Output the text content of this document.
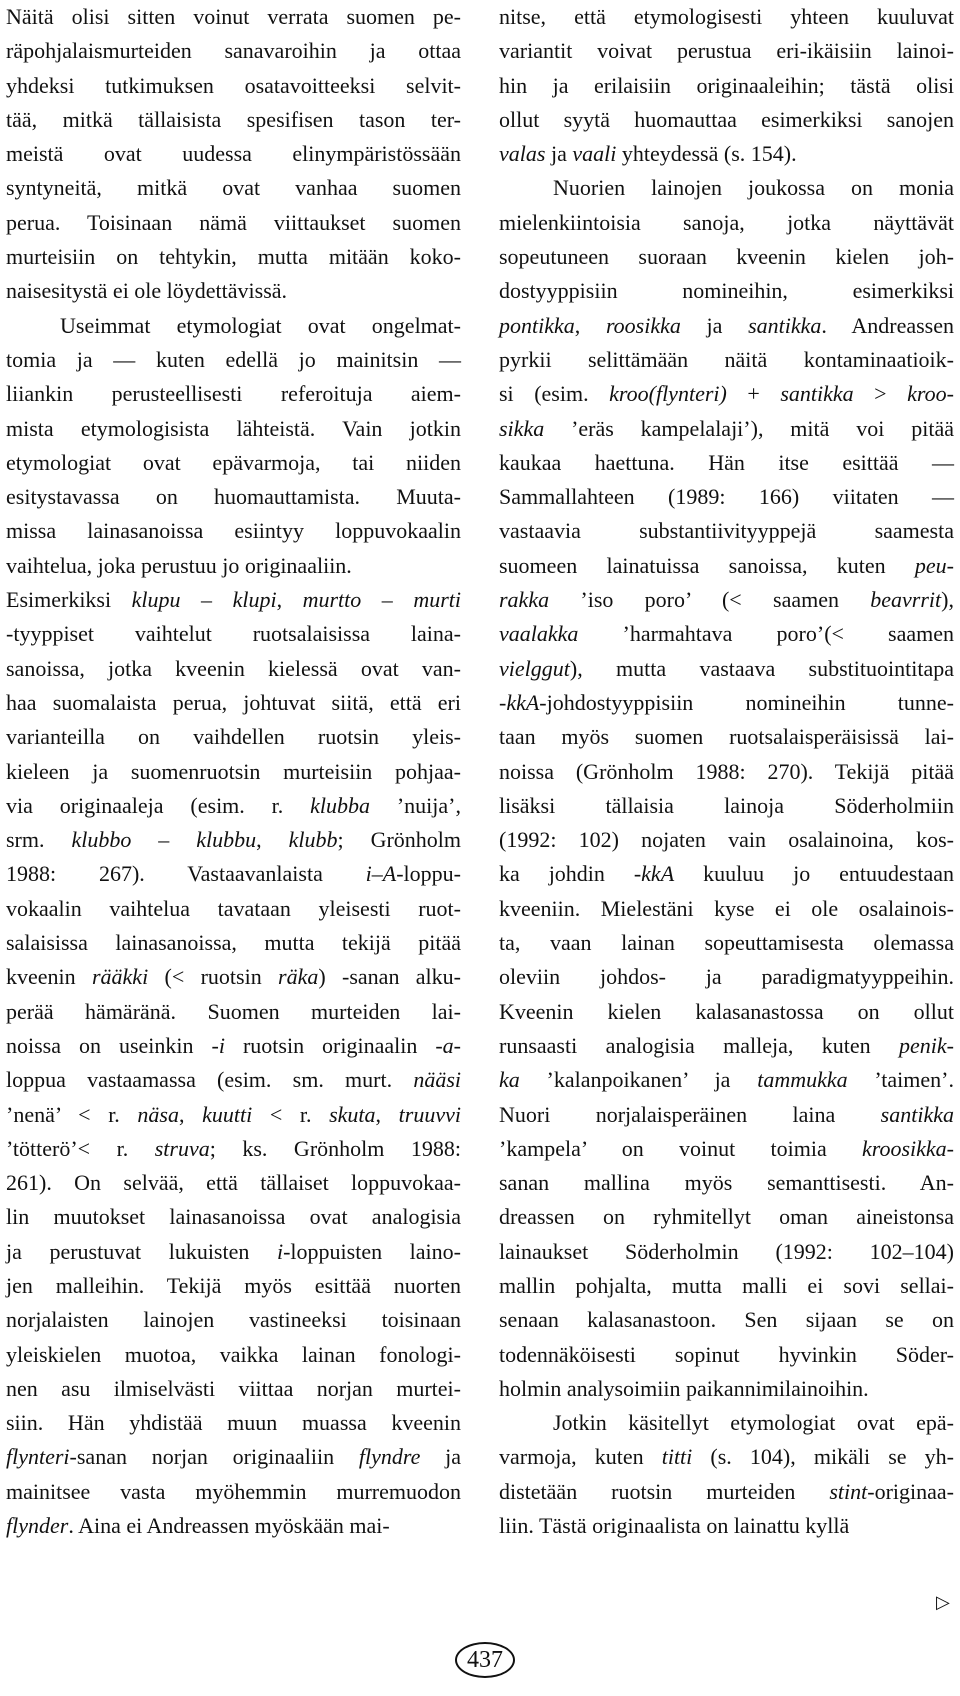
Näitä olisi sitten voinut verrata suomen pe-
räpohjalaismurteiden sanavaroihin ja ottaa
yhdeksi tutkimuksen osatavoitteeksi selvit-
tää, mitkä tällaisista spesifisen tason ter-
meistä ovat uudessa elinympäristössään
syntyneitä, mitkä ovat vanhaa suomen
perua. Toisinaan nämä viittaukset suomen
murteisiin on tehtykin, mutta mitään koko-
naisesitystä ei ole löydettävissä.
Useimmat etymologiat ovat ongelmat-
tomia ja — kuten edellä jo mainitsin —
liiankin perusteellisesti referoituja aiem-
mista etymologisista lähteistä. Vain jotkin
etymologiat ovat epävarmoja, tai niiden
esitystavassa on huomauttamista. Muuta-
missa lainasanoissa esiintyy loppuvokaalin
vaihtelua, joka perustuu jo originaaliin.
Esimerkiksi klupu – klupi, murtto – murti
-tyyppiset vaihtelut ruotsalaisissa laina-
sanoissa, jotka kveenin kielessä ovat van-
haa suomalaista perua, johtuvat siitä, että eri
varianteilla on vaihdellen ruotsin yleis-
kieleen ja suomenruotsin murteisiin pohjaa-
via originaaleja (esim. r. klubba ’nuija’,
srm. klubbo – klubbu, klubb; Grönholm
1988: 267). Vastaavanlaista i–A-loppu-
vokaalin vaihtelua tavataan yleisesti ruot-
salaisissa lainasanoissa, mutta tekijä pitää
kveenin rääkki (< ruotsin räka) -sanan alku-
perää hämäränä. Suomen murteiden lai-
noissa on useinkin -i ruotsin originaalin -a-
loppua vastaamassa (esim. sm. murt. nääsi
’nenä’ < r. näsa, kuutti < r. skuta, truuvvi
’tötterö’< r. struva; ks. Grönholm 1988:
261). On selvää, että tällaiset loppuvokaa-
lin muutokset lainasanoissa ovat analogisia
ja perustuvat lukuisten i-loppuisten laino-
jen malleihin. Tekijä myös esittää nuorten
norjalaisten lainojen vastineeksi toisinaan
yleiskielen muotoa, vaikka lainan fonologi-
nen asu ilmiselvästi viittaa norjan murtei-
siin. Hän yhdistää muun muassa kveenin
flynteri-sanan norjan originaaliin flyndre ja
mainitsee vasta myöhemmin murremuodon
flynder. Aina ei Andreassen myöskään mai-
nitse, että etymologisesti yhteen kuuluvat
variantit voivat perustua eri-ikäisiin lainoi-
hin ja erilaisiin originaaleihin; tästä olisi
ollut syytä huomauttaa esimerkiksi sanojen
valas ja vaali yhteydessä (s. 154).
Nuorien lainojen joukossa on monia
mielenkiintoisia sanoja, jotka näyttävät
sopeutuneen suoraan kveenin kielen joh-
dostyyppisiin nomineihin, esimerkiksi
pontikka, roosikka ja santikka. Andreassen
pyrkii selittämään näitä kontaminaatioik-
si (esim. kroo(flynteri) + santikka > kroo-
sikka ’eräs kampelalaji’), mitä voi pitää
kaukaa haettuna. Hän itse esittää —
Sammallahteen (1989: 166) viitaten —
vastaavia substantiivityyppejä saamesta
suomeen lainatuissa sanoissa, kuten peu-
rakka ’iso poro’ (< saamen beavrrit),
vaalakka ’harmahtava poro’(< saamen
vielggut), mutta vastaava substituointitapa
-kkA-johdostyyppisiin nomineihin tunne-
taan myös suomen ruotsalaisperäisissä lai-
noissa (Grönholm 1988: 270). Tekijä pitää
lisäksi tällaisia lainoja Söderholmiin
(1992: 102) nojaten vain osalainoina, kos-
ka johdin -kkA kuuluu jo entuudestaan
kveeniin. Mielestäni kyse ei ole osalainois-
ta, vaan lainan sopeuttamisesta olemassa
oleviin johdos- ja paradigmatyyppeihin.
Kveenin kielen kalasanastossa on ollut
runsaasti analogisia malleja, kuten penik-
ka ’kalanpoikanen’ ja tammukka ’taimen’.
Nuori norjalaisperäinen laina santikka
’kampela’ on voinut toimia kroosikka-
sanan mallina myös semanttisesti. An-
dreassen on ryhmitellyt oman aineistonsa
lainaukset Söderholmin (1992: 102–104)
mallin pohjalta, mutta malli ei sovi sellai-
senaan kalasanastoon. Sen sijaan se on
todennäköisesti sopinut hyvinkin Söder-
holmin analysoimiin paikannimilainoihin.
Jotkin käsitellyt etymologiat ovat epä-
varmoja, kuten titti (s. 104), mikäli se yh-
distetään ruotsin murteiden stint-originaa-
liin. Tästä originaalista on lainattu kyllä
▷
437
